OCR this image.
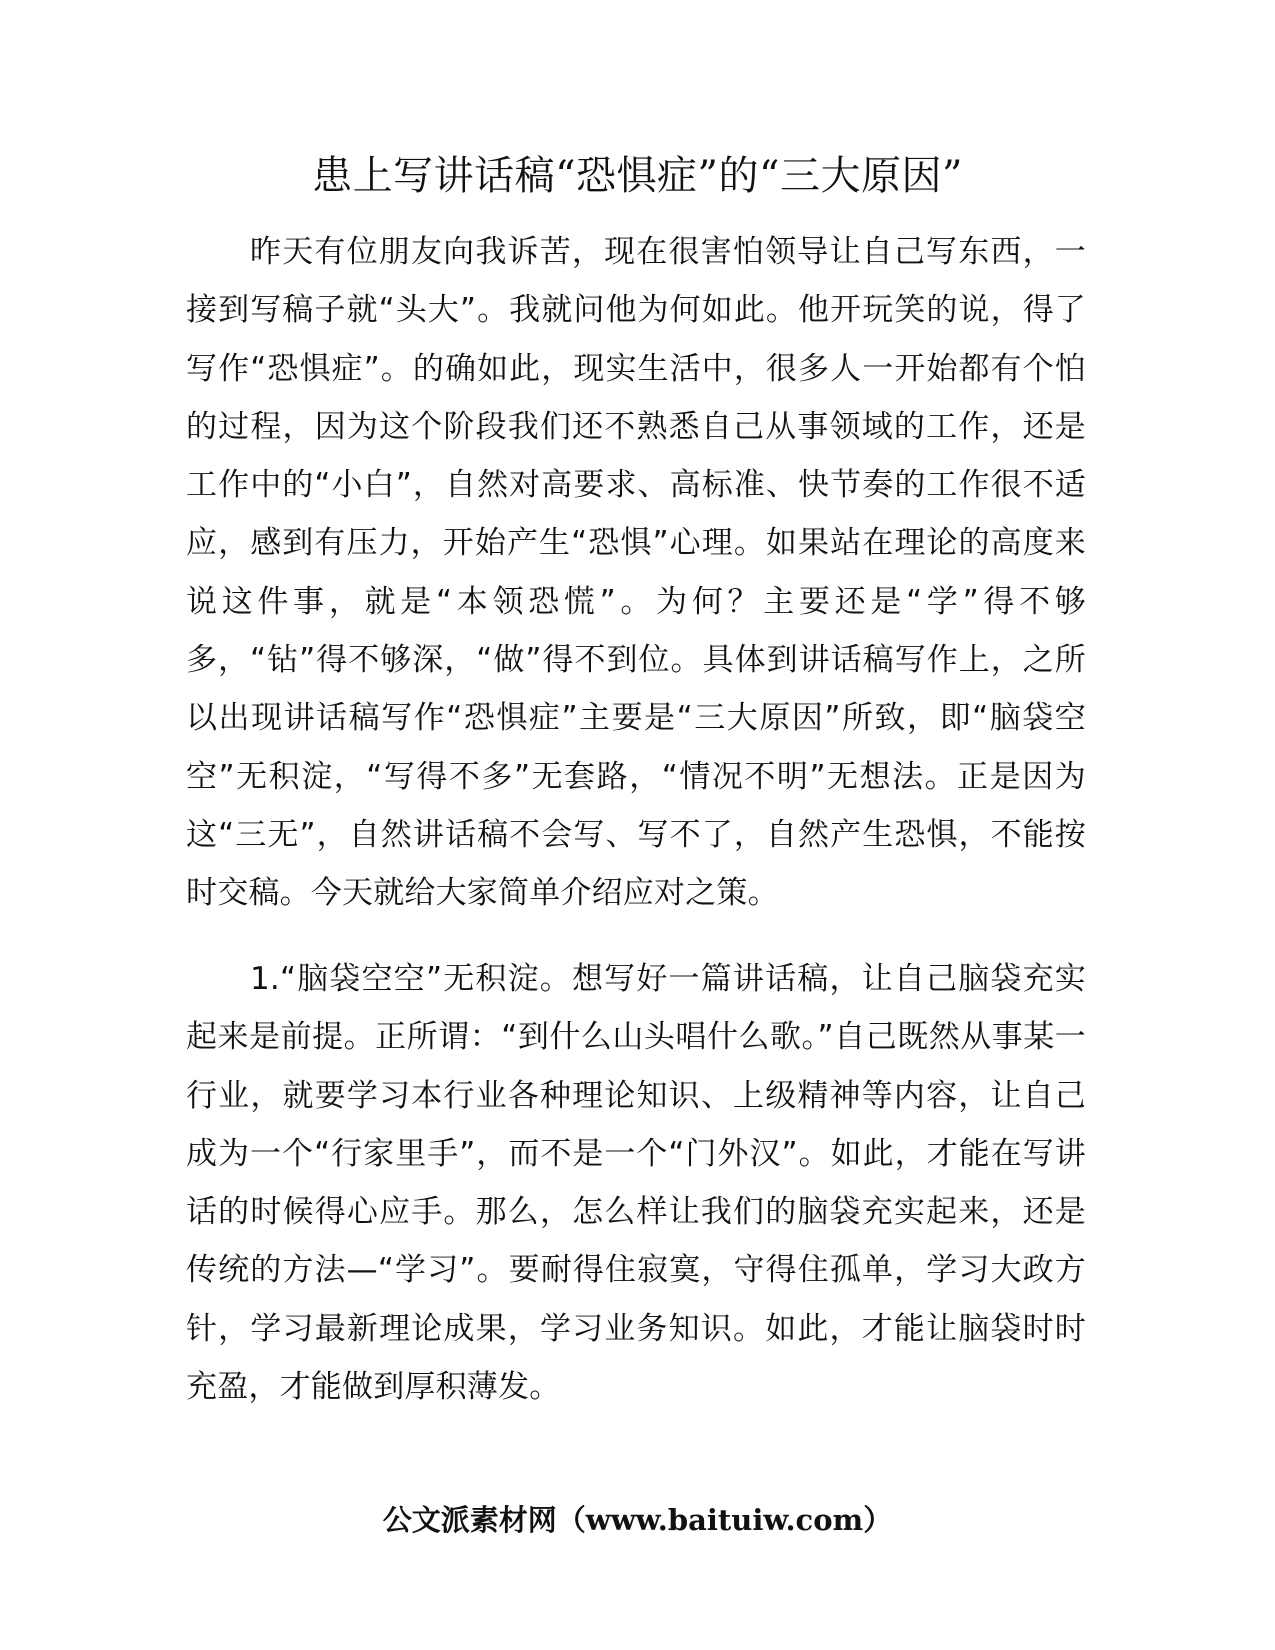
患上写讲话稿“恐惧症”的“三大原因”

昨天有位朋友向我诉苦，现在很害怕领导让自己写东西，一接到写稿子就“头大”。我就问他为何如此。他开玩笑的说，得了写作“恐惧症”。的确如此，现实生活中，很多人一开始都有个怕的过程，因为这个阶段我们还不熟悉自己从事领域的工作，还是工作中的“小白”，自然对高要求、高标准、快节奏的工作很不适应，感到有压力，开始产生“恐惧”心理。如果站在理论的高度来说这件事，就是“本领恐慌”。为何？主要还是“学”得不够多，“钻”得不够深，“做”得不到位。具体到讲话稿写作上，之所以出现讲话稿写作“恐惧症”主要是“三大原因”所致，即“脑袋空空”无积淀，“写得不多”无套路，“情况不明”无想法。正是因为这“三无”，自然讲话稿不会写、写不了，自然产生恐惧，不能按时交稿。今天就给大家简单介绍应对之策。

1.“脑袋空空”无积淀。想写好一篇讲话稿，让自己脑袋充实起来是前提。正所谓：“到什么山头唱什么歌。”自己既然从事某一行业，就要学习本行业各种理论知识、上级精神等内容，让自己成为一个“行家里手”，而不是一个“门外汉”。如此，才能在写讲话的时候得心应手。那么，怎么样让我们的脑袋充实起来，还是传统的方法—“学习”。要耐得住寂寞，守得住孤单，学习大政方针，学习最新理论成果，学习业务知识。如此，才能让脑袋时时充盈，才能做到厚积薄发。

公文派素材网（www.baituiw.com）
